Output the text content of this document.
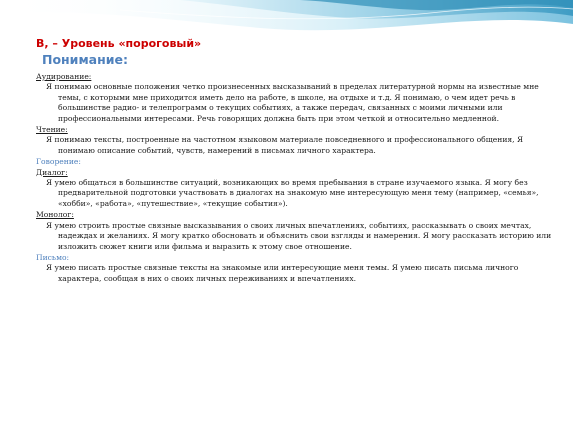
В, – Уровень «пороговый»
Понимание:
Аудирование:
Я понимаю основные положения четко произнесенных высказываний в пределах литературной нормы на известные мне темы, с которыми мне приходится иметь дело на работе, в школе, на отдыхе и т.д. Я понимаю, о чем идет речь в большинстве радио- и телепрограмм о текущих событиях, а также передач, связанных с моими личными или профессиональными интересами. Речь говорящих должна быть при этом четкой и относительно медленной.
Чтение:
Я понимаю тексты, построенные на частотном языковом материале повседневного и профессионального общения, Я понимаю описание событий, чувств, намерений в письмах личного характера.
Говорение:
Диалог:
Я умею общаться в большинстве ситуаций, возникающих во время пребывания в стране изучаемого языка. Я могу без предварительной подготовки участвовать в диалогах на знакомую мне интересующую меня тему (например, «семья», «хобби», «работа», «путешествие», «текущие события»).
Монолог:
Я умею строить простые связные высказывания о своих личных впечатлениях, событиях, рассказывать о своих мечтах, надеждах и желаниях. Я могу кратко обосновать и объяснить свои взгляды и намерения. Я могу рассказать историю или изложить сюжет книги или фильма и выразить к этому свое отношение.
Письмо:
Я умею писать простые связные тексты на знакомые или интересующие меня темы. Я умею писать письма личного характера, сообщая в них о своих личных переживаниях и впечатлениях.
